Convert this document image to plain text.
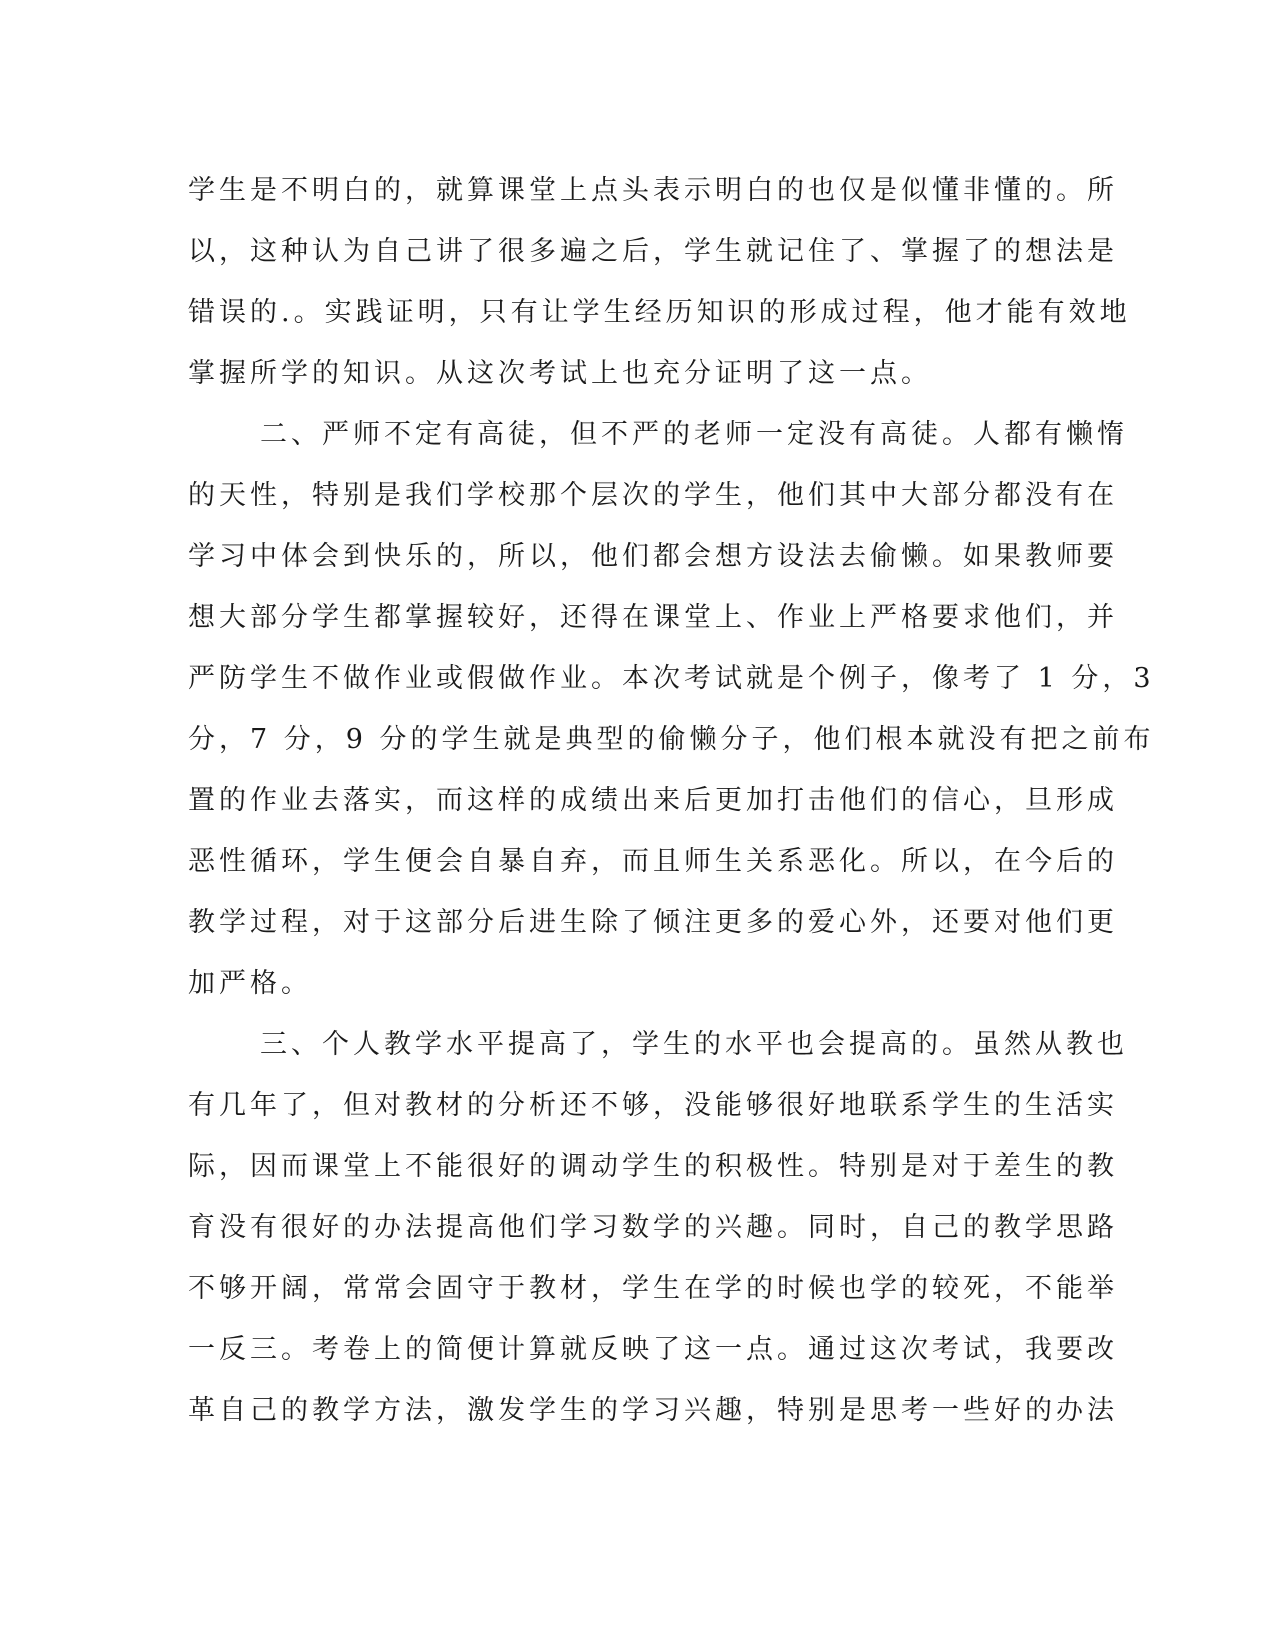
学生是不明白的，就算课堂上点头表示明白的也仅是似懂非懂的。所
以，这种认为自己讲了很多遍之后，学生就记住了、掌握了的想法是
错误的.。实践证明，只有让学生经历知识的形成过程，他才能有效地
掌握所学的知识。从这次考试上也充分证明了这一点。
二、严师不定有高徒，但不严的老师一定没有高徒。人都有懒惰
的天性，特别是我们学校那个层次的学生，他们其中大部分都没有在
学习中体会到快乐的，所以，他们都会想方设法去偷懒。如果教师要
想大部分学生都掌握较好，还得在课堂上、作业上严格要求他们，并
严防学生不做作业或假做作业。本次考试就是个例子，像考了 1 分，3
分，7 分，9 分的学生就是典型的偷懒分子，他们根本就没有把之前布
置的作业去落实，而这样的成绩出来后更加打击他们的信心，旦形成
恶性循环，学生便会自暴自弃，而且师生关系恶化。所以，在今后的
教学过程，对于这部分后进生除了倾注更多的爱心外，还要对他们更
加严格。
三、个人教学水平提高了，学生的水平也会提高的。虽然从教也
有几年了，但对教材的分析还不够，没能够很好地联系学生的生活实
际，因而课堂上不能很好的调动学生的积极性。特别是对于差生的教
育没有很好的办法提高他们学习数学的兴趣。同时，自己的教学思路
不够开阔，常常会固守于教材，学生在学的时候也学的较死，不能举
一反三。考卷上的简便计算就反映了这一点。通过这次考试，我要改
革自己的教学方法，激发学生的学习兴趣，特别是思考一些好的办法
